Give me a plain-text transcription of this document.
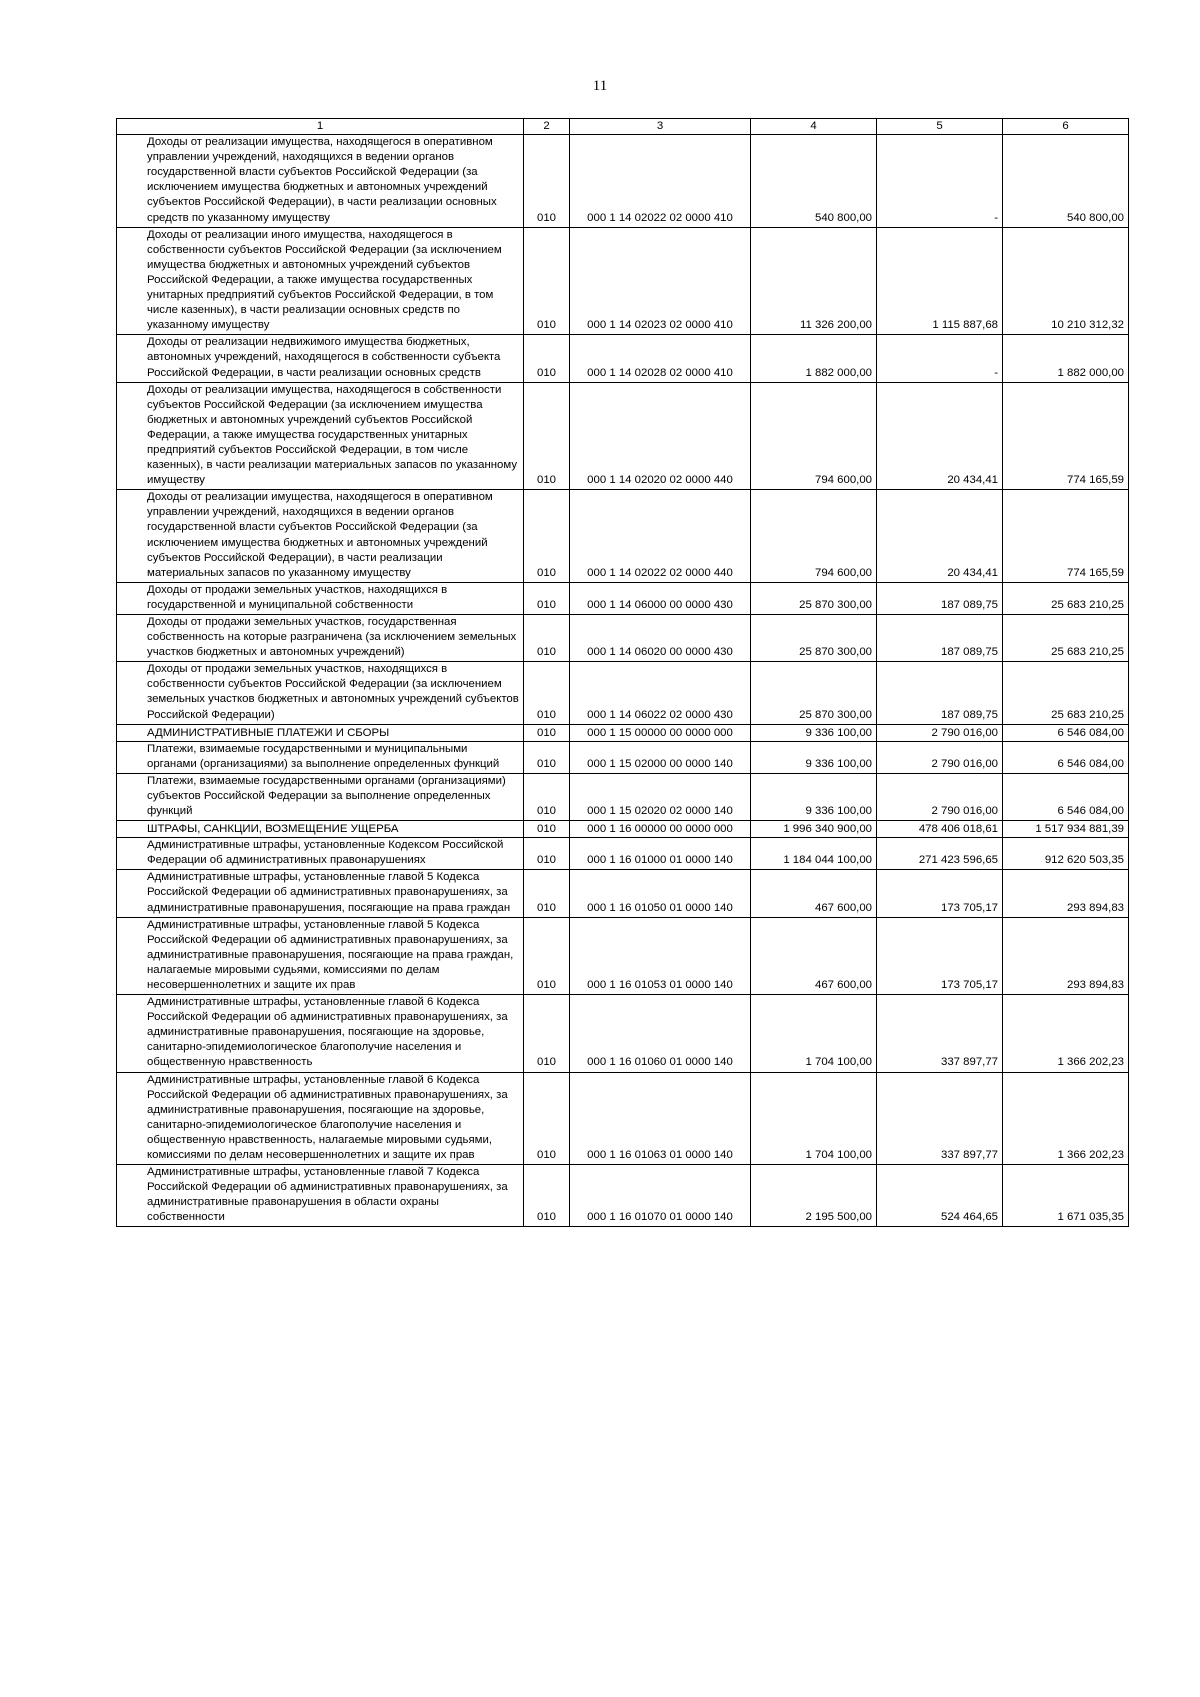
11
1	2	3	4	5	6
Доходы от реализации имущества, находящегося в оперативном управлении учреждений, находящихся в ведении органов государственной власти субъектов Российской Федерации (за исключением имущества бюджетных и автономных учреждений субъектов Российской Федерации), в части реализации основных средств по указанному имуществу	010	000 1 14 02022 02 0000 410	540 800,00	-	540 800,00
Доходы от реализации иного имущества, находящегося в собственности субъектов Российской Федерации (за исключением имущества бюджетных и автономных учреждений субъектов Российской Федерации, а также имущества государственных унитарных предприятий субъектов Российской Федерации, в том числе казенных), в части реализации основных средств по указанному имуществу	010	000 1 14 02023 02 0000 410	11 326 200,00	1 115 887,68	10 210 312,32
Доходы от реализации недвижимого имущества бюджетных, автономных учреждений, находящегося в собственности субъекта Российской Федерации, в части реализации основных средств	010	000 1 14 02028 02 0000 410	1 882 000,00	-	1 882 000,00
Доходы от реализации имущества, находящегося в собственности субъектов Российской Федерации (за исключением имущества бюджетных и автономных учреждений субъектов Российской Федерации, а также имущества государственных унитарных предприятий субъектов Российской Федерации, в том числе казенных), в части реализации материальных запасов по указанному имуществу	010	000 1 14 02020 02 0000 440	794 600,00	20 434,41	774 165,59
Доходы от реализации имущества, находящегося в оперативном управлении учреждений, находящихся в ведении органов государственной власти субъектов Российской Федерации (за исключением имущества бюджетных и автономных учреждений субъектов Российской Федерации), в части реализации материальных запасов по указанному имуществу	010	000 1 14 02022 02 0000 440	794 600,00	20 434,41	774 165,59
Доходы от продажи земельных участков, находящихся в государственной и муниципальной собственности	010	000 1 14 06000 00 0000 430	25 870 300,00	187 089,75	25 683 210,25
Доходы от продажи земельных участков, государственная собственность на которые разграничена (за исключением земельных участков бюджетных и автономных учреждений)	010	000 1 14 06020 00 0000 430	25 870 300,00	187 089,75	25 683 210,25
Доходы от продажи земельных участков, находящихся в собственности субъектов Российской Федерации (за исключением земельных участков бюджетных и автономных учреждений субъектов Российской Федерации)	010	000 1 14 06022 02 0000 430	25 870 300,00	187 089,75	25 683 210,25
АДМИНИСТРАТИВНЫЕ ПЛАТЕЖИ И СБОРЫ	010	000 1 15 00000 00 0000 000	9 336 100,00	2 790 016,00	6 546 084,00
Платежи, взимаемые государственными и муниципальными органами (организациями) за выполнение определенных функций	010	000 1 15 02000 00 0000 140	9 336 100,00	2 790 016,00	6 546 084,00
Платежи, взимаемые государственными органами (организациями) субъектов Российской Федерации за выполнение определенных функций	010	000 1 15 02020 02 0000 140	9 336 100,00	2 790 016,00	6 546 084,00
ШТРАФЫ, САНКЦИИ, ВОЗМЕЩЕНИЕ УЩЕРБА	010	000 1 16 00000 00 0000 000	1 996 340 900,00	478 406 018,61	1 517 934 881,39
Административные штрафы, установленные Кодексом Российской Федерации об административных правонарушениях	010	000 1 16 01000 01 0000 140	1 184 044 100,00	271 423 596,65	912 620 503,35
Административные штрафы, установленные главой 5 Кодекса Российской Федерации об административных правонарушениях, за административные правонарушения, посягающие на права граждан	010	000 1 16 01050 01 0000 140	467 600,00	173 705,17	293 894,83
Административные штрафы, установленные главой 5 Кодекса Российской Федерации об административных правонарушениях, за административные правонарушения, посягающие на права граждан, налагаемые мировыми судьями, комиссиями по делам несовершеннолетних и защите их прав	010	000 1 16 01053 01 0000 140	467 600,00	173 705,17	293 894,83
Административные штрафы, установленные главой 6 Кодекса Российской Федерации об административных правонарушениях, за административные правонарушения, посягающие на здоровье, санитарно-эпидемиологическое благополучие населения и общественную нравственность	010	000 1 16 01060 01 0000 140	1 704 100,00	337 897,77	1 366 202,23
Административные штрафы, установленные главой 6 Кодекса Российской Федерации об административных правонарушениях, за административные правонарушения, посягающие на здоровье, санитарно-эпидемиологическое благополучие населения и общественную нравственность, налагаемые мировыми судьями, комиссиями по делам несовершеннолетних и защите их прав	010	000 1 16 01063 01 0000 140	1 704 100,00	337 897,77	1 366 202,23
Административные штрафы, установленные главой 7 Кодекса Российской Федерации об административных правонарушениях, за административные правонарушения в области охраны собственности	010	000 1 16 01070 01 0000 140	2 195 500,00	524 464,65	1 671 035,35
